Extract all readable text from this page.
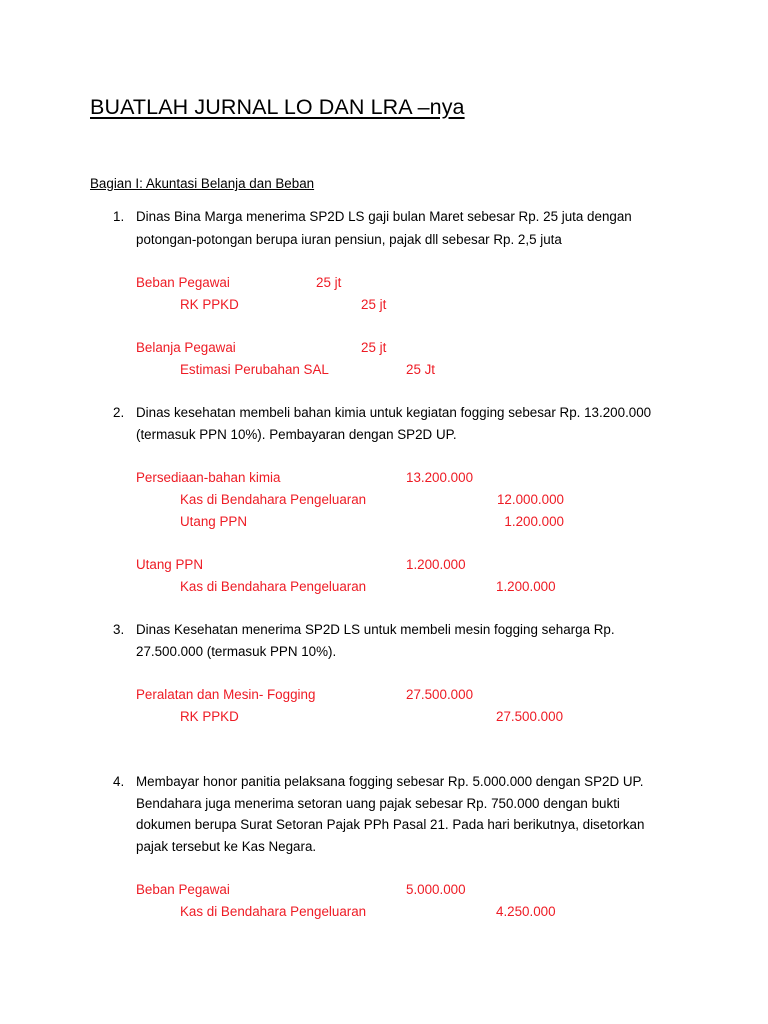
BUATLAH JURNAL LO DAN LRA –nya
Bagian I: Akuntasi Belanja dan Beban
1. Dinas Bina Marga menerima SP2D LS gaji bulan Maret sebesar Rp. 25 juta dengan
potongan-potongan berupa iuran pensiun, pajak dll sebesar Rp. 2,5 juta
Beban Pegawai	25 jt
RK PPKD	25 jt
Belanja Pegawai	25 jt
Estimasi Perubahan SAL	25 Jt
2. Dinas kesehatan membeli bahan kimia untuk kegiatan fogging sebesar Rp. 13.200.000
(termasuk PPN 10%). Pembayaran dengan SP2D UP.
Persediaan-bahan kimia	13.200.000
Kas di Bendahara Pengeluaran	12.000.000
Utang PPN	1.200.000
Utang PPN	1.200.000
Kas di Bendahara Pengeluaran	1.200.000
3. Dinas Kesehatan menerima SP2D LS untuk membeli mesin fogging seharga Rp.
27.500.000 (termasuk PPN 10%).
Peralatan dan Mesin- Fogging	27.500.000
RK PPKD	27.500.000
4. Membayar honor panitia pelaksana fogging sebesar Rp. 5.000.000 dengan SP2D UP.
Bendahara juga menerima setoran uang pajak sebesar Rp. 750.000 dengan bukti
dokumen berupa Surat Setoran Pajak PPh Pasal 21. Pada hari berikutnya, disetorkan
pajak tersebut ke Kas Negara.
Beban Pegawai	5.000.000
Kas di Bendahara Pengeluaran	4.250.000
